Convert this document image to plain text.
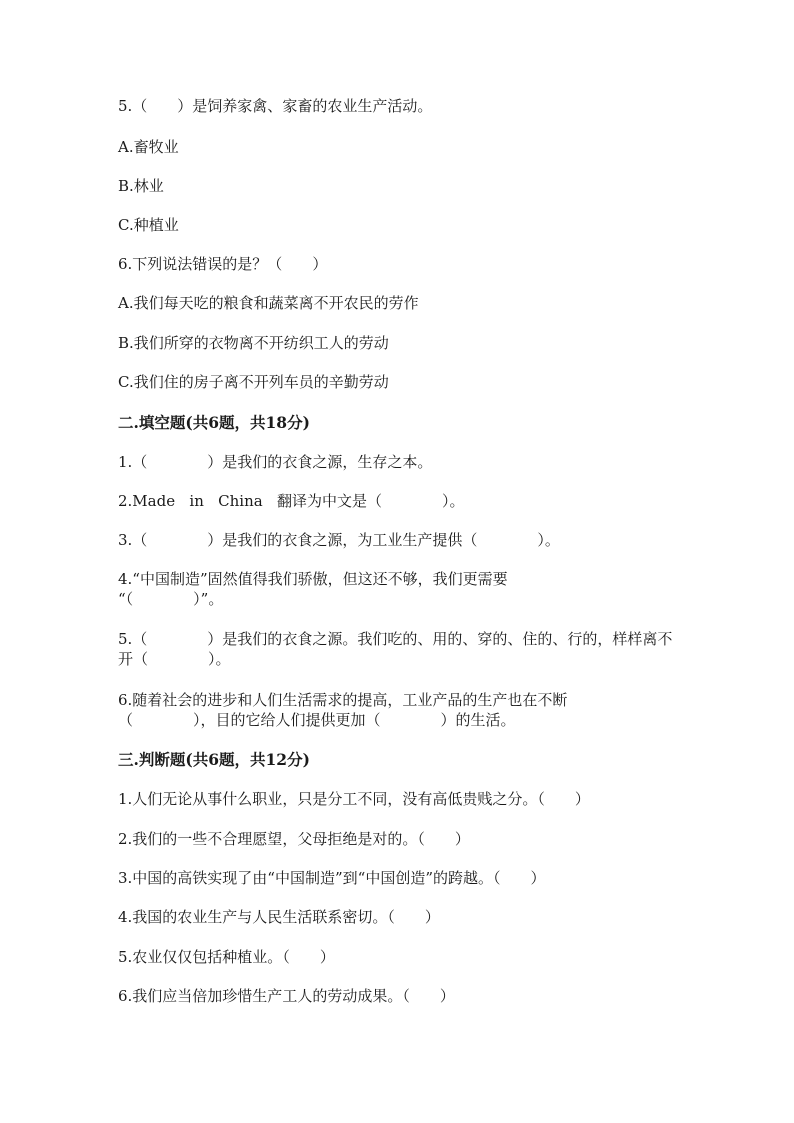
5.（　　）是饲养家禽、家畜的农业生产活动。

A.畜牧业

B.林业

C.种植业

6.下列说法错误的是？（　　）

A.我们每天吃的粮食和蔬菜离不开农民的劳作

B.我们所穿的衣物离不开纺织工人的劳动

C.我们住的房子离不开列车员的辛勤劳动

二.填空题(共6题，共18分)

1.（　　　　）是我们的衣食之源，生存之本。

2.Made   in   China   翻译为中文是（　　　　）。

3.（　　　　）是我们的衣食之源，为工业生产提供（　　　　）。

4.“中国制造”固然值得我们骄傲，但这还不够，我们更需要
“（　　　　）”。

5.（　　　　）是我们的衣食之源。我们吃的、用的、穿的、住的、行的，样样离不开（　　　　）。

6.随着社会的进步和人们生活需求的提高，工业产品的生产也在不断
（　　　　），目的它给人们提供更加（　　　　）的生活。

三.判断题(共6题，共12分)

1.人们无论从事什么职业，只是分工不同，没有高低贵贱之分。（　　）

2.我们的一些不合理愿望，父母拒绝是对的。（　　）

3.中国的高铁实现了由“中国制造”到“中国创造”的跨越。（　　）

4.我国的农业生产与人民生活联系密切。（　　）

5.农业仅仅包括种植业。（　　）

6.我们应当倍加珍惜生产工人的劳动成果。（　　）
